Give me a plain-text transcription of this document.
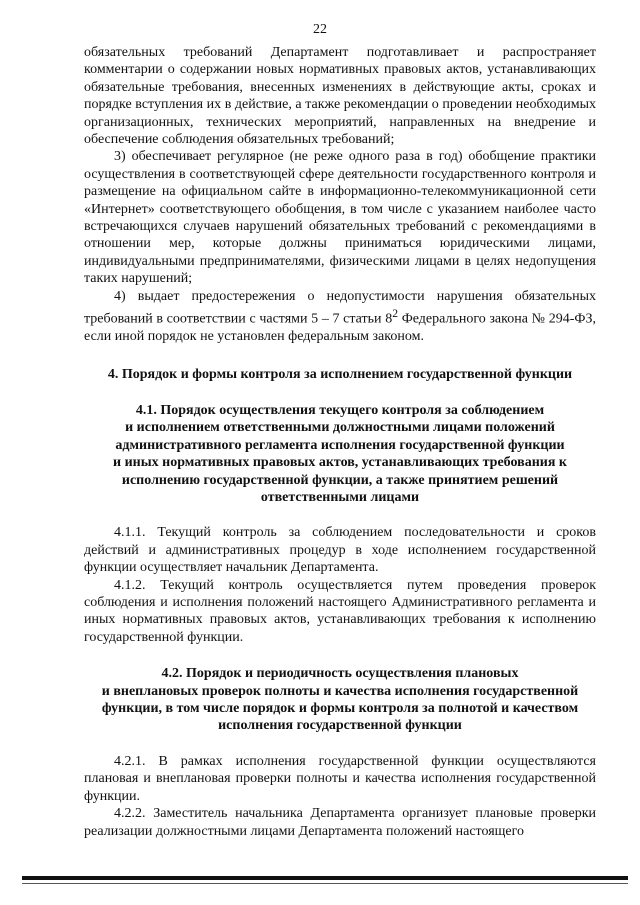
22

обязательных требований Департамент подготавливает и распространяет комментарии о содержании новых нормативных правовых актов, устанавливающих обязательные требования, внесенных изменениях в действующие акты, сроках и порядке вступления их в действие, а также рекомендации о проведении необходимых организационных, технических мероприятий, направленных на внедрение и обеспечение соблюдения обязательных требований;

3) обеспечивает регулярное (не реже одного раза в год) обобщение практики осуществления в соответствующей сфере деятельности государственного контроля и размещение на официальном сайте в информационно-телекоммуникационной сети «Интернет» соответствующего обобщения, в том числе с указанием наиболее часто встречающихся случаев нарушений обязательных требований с рекомендациями в отношении мер, которые должны приниматься юридическими лицами, индивидуальными предпринимателями, физическими лицами в целях недопущения таких нарушений;

4) выдает предостережения о недопустимости нарушения обязательных требований в соответствии с частями 5 – 7 статьи $8^2$ Федерального закона № 294-ФЗ, если иной порядок не установлен федеральным законом.

4. Порядок и формы контроля за исполнением государственной функции
4.1. Порядок осуществления текущего контроля за соблюдением
и исполнением ответственными должностными лицами положений
административного регламента исполнения государственной функции
и иных нормативных правовых актов, устанавливающих требования к
исполнению государственной функции, а также принятием решений
ответственными лицами

4.1.1. Текущий контроль за соблюдением последовательности и сроков действий и административных процедур в ходе исполнением государственной функции осуществляет начальник Департамента.

4.1.2. Текущий контроль осуществляется путем проведения проверок соблюдения и исполнения положений настоящего Административного регламента и иных нормативных правовых актов, устанавливающих требования к исполнению государственной функции.

4.2. Порядок и периодичность осуществления плановых
и внеплановых проверок полноты и качества исполнения государственной
функции, в том числе порядок и формы контроля за полнотой и качеством
исполнения государственной функции

4.2.1. В рамках исполнения государственной функции осуществляются плановая и внеплановая проверки полноты и качества исполнения государственной функции.

4.2.2. Заместитель начальника Департамента организует плановые проверки реализации должностными лицами Департамента положений настоящего
